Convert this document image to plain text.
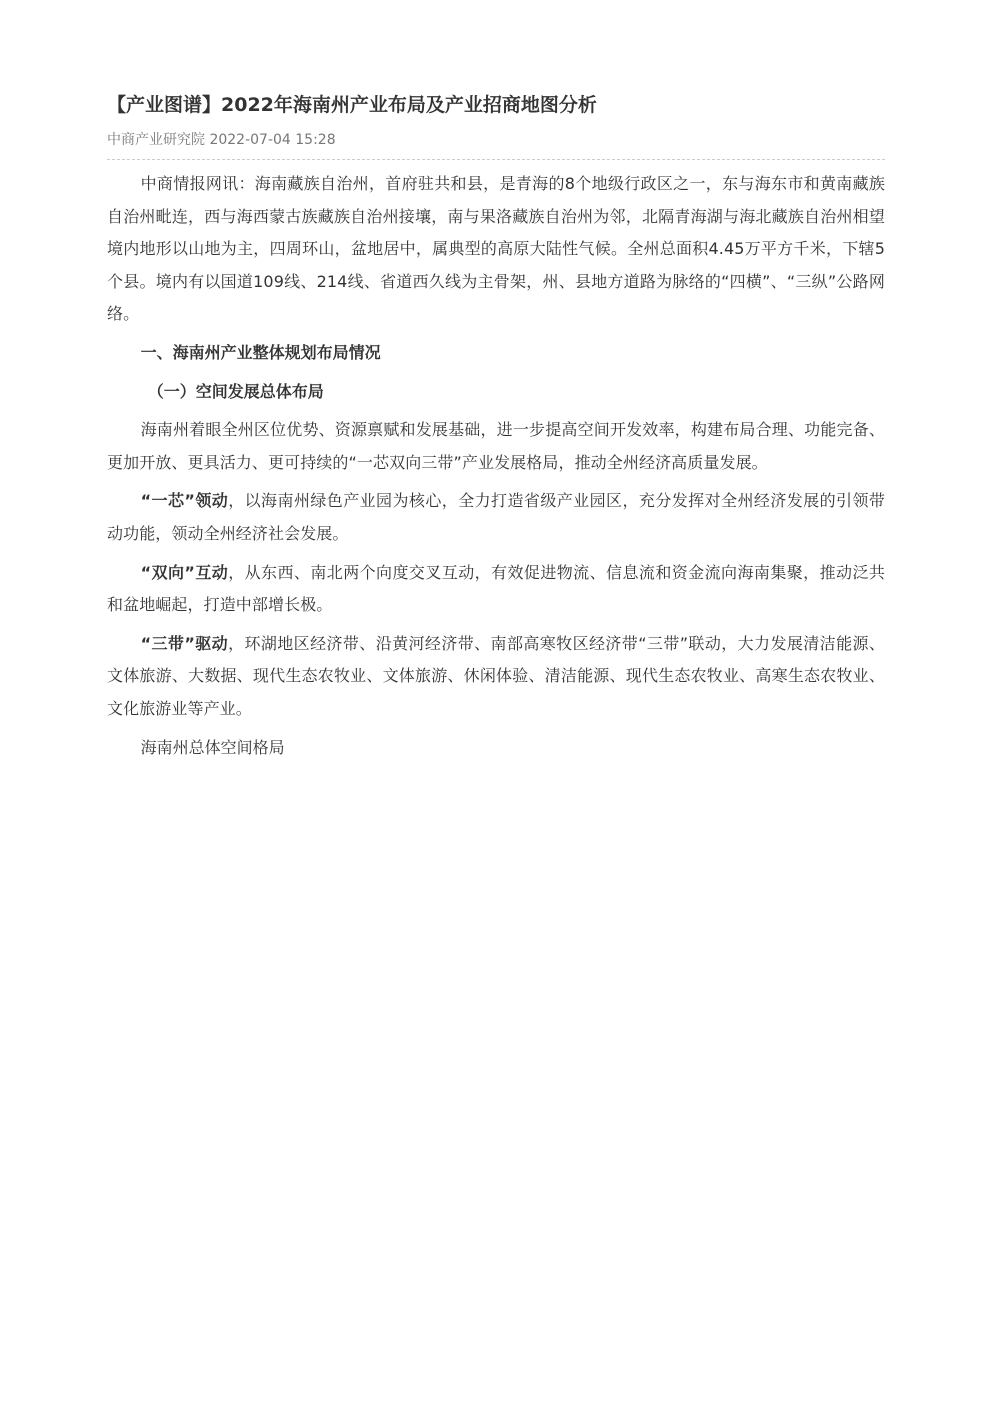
【产业图谱】2022年海南州产业布局及产业招商地图分析
中商产业研究院 2022-07-04 15:28

中商情报网讯：海南藏族自治州，首府驻共和县，是青海的8个地级行政区之一，东与海东市和黄南藏族自治州毗连，西与海西蒙古族藏族自治州接壤，南与果洛藏族自治州为邻，北隔青海湖与海北藏族自治州相望境内地形以山地为主，四周环山，盆地居中，属典型的高原大陆性气候。全州总面积4.45万平方千米，下辖5个县。境内有以国道109线、214线、省道西久线为主骨架，州、县地方道路为脉络的“四横”、“三纵”公路网络。

一、海南州产业整体规划布局情况

（一）空间发展总体布局

海南州着眼全州区位优势、资源禀赋和发展基础，进一步提高空间开发效率，构建布局合理、功能完备、更加开放、更具活力、更可持续的“一芯双向三带”产业发展格局，推动全州经济高质量发展。

“一芯”领动，以海南州绿色产业园为核心，全力打造省级产业园区，充分发挥对全州经济发展的引领带动功能，领动全州经济社会发展。

“双向”互动，从东西、南北两个向度交叉互动，有效促进物流、信息流和资金流向海南集聚，推动泛共和盆地崛起，打造中部增长极。

“三带”驱动，环湖地区经济带、沿黄河经济带、南部高寒牧区经济带“三带”联动，大力发展清洁能源、文体旅游、大数据、现代生态农牧业、文体旅游、休闲体验、清洁能源、现代生态农牧业、高寒生态农牧业、文化旅游业等产业。

海南州总体空间格局
